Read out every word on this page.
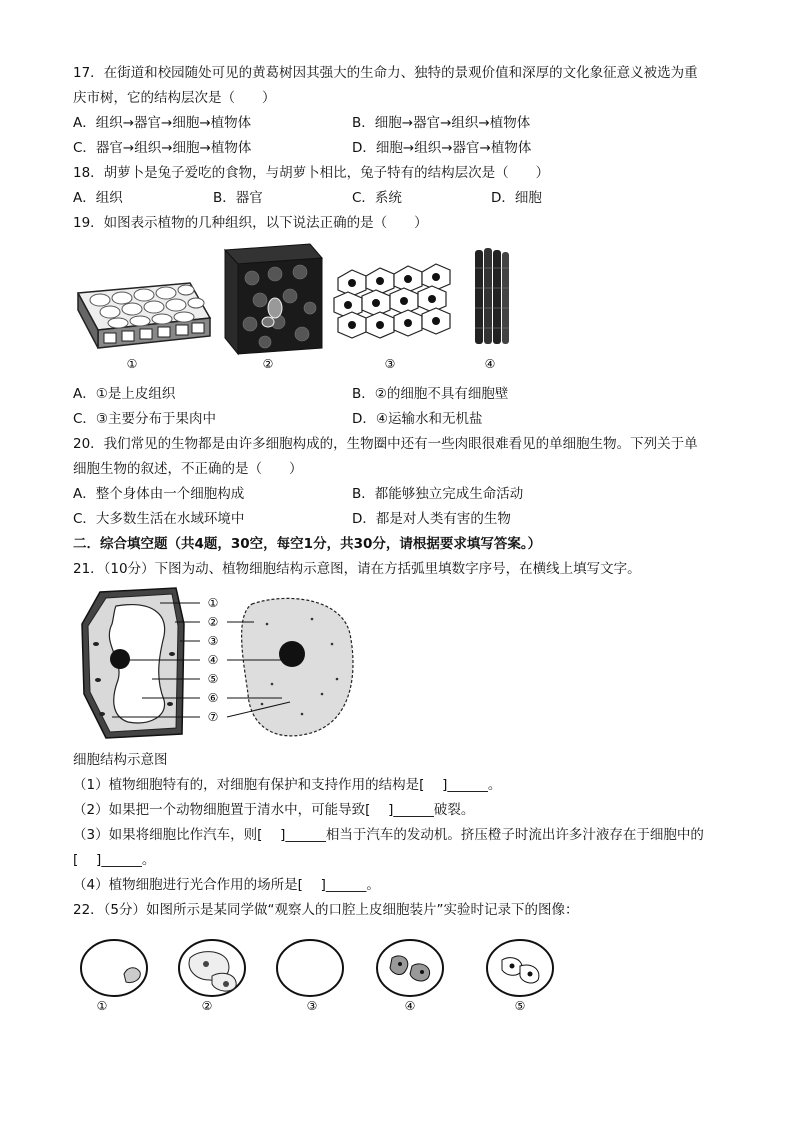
17．在街道和校园随处可见的黄葛树因其强大的生命力、独特的景观价值和深厚的文化象征意义被选为重
庆市树，它的结构层次是（　　）
A．组织→器官→细胞→植物体	B．细胞→器官→组织→植物体
C．器官→组织→细胞→植物体	D．细胞→组织→器官→植物体
18．胡萝卜是兔子爱吃的食物，与胡萝卜相比，兔子特有的结构层次是（　　）
A．组织	B．器官	C．系统	D．细胞
19．如图表示植物的几种组织，以下说法正确的是（　　）
①	②	③	④
A．①是上皮组织	B．②的细胞不具有细胞壁
C．③主要分布于果肉中	D．④运输水和无机盐
20．我们常见的生物都是由许多细胞构成的，生物圈中还有一些肉眼很难看见的单细胞生物。下列关于单
细胞生物的叙述，不正确的是（　　）
A．整个身体由一个细胞构成	B．都能够独立完成生命活动
C．大多数生活在水域环境中	D．都是对人类有害的生物
二．综合填空题（共4题，30空，每空1分，共30分，请根据要求填写答案。）
21．（10分）下图为动、植物细胞结构示意图，请在方括弧里填数字序号，在横线上填写文字。
①
②
③
④
⑤
⑥
⑦
细胞结构示意图
（1）植物细胞特有的，对细胞有保护和支持作用的结构是[　 ]______。
（2）如果把一个动物细胞置于清水中，可能导致[　 ]______破裂。
（3）如果将细胞比作汽车，则[　 ]______相当于汽车的发动机。挤压橙子时流出许多汁液存在于细胞中的
[　 ]______。
（4）植物细胞进行光合作用的场所是[　 ]______。
22．（5分）如图所示是某同学做“观察人的口腔上皮细胞装片”实验时记录下的图像：
①	②	③	④	⑤
